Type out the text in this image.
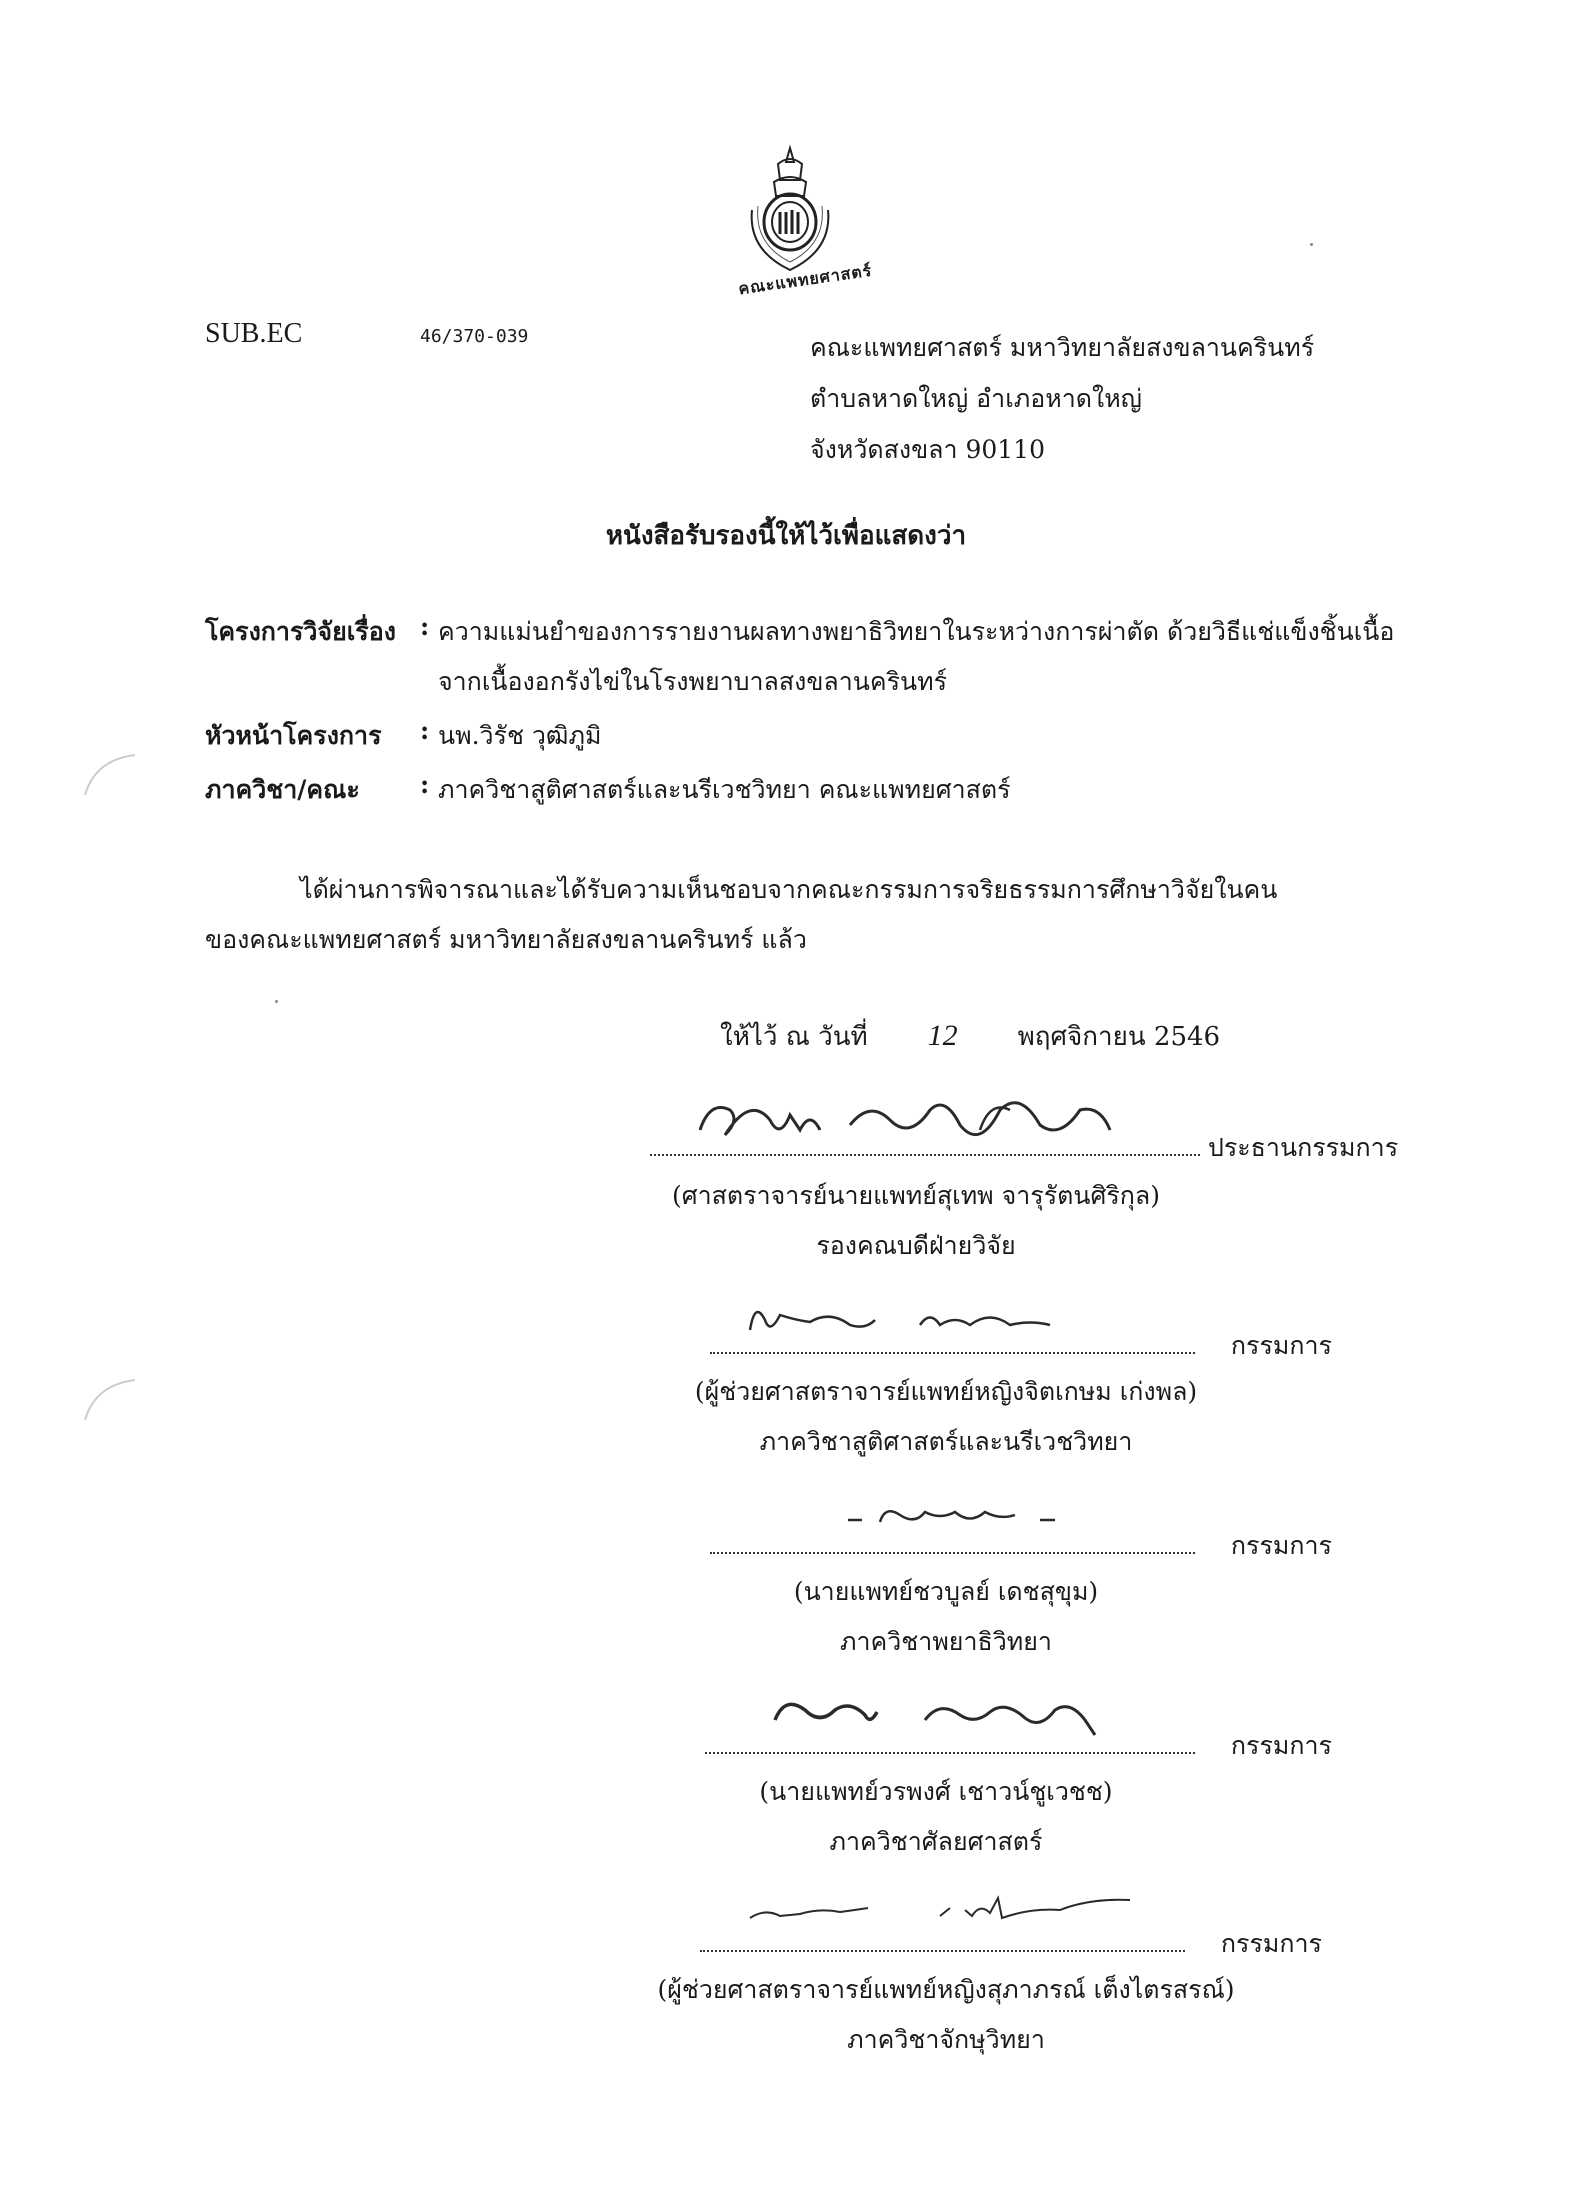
คณะแพทยศาสตร์
SUB.EC	46/370-039	คณะแพทยศาสตร์ มหาวิทยาลัยสงขลานครินทร์
ตำบลหาดใหญ่ อำเภอหาดใหญ่
จังหวัดสงขลา 90110
หนังสือรับรองนี้ให้ไว้เพื่อแสดงว่า
โครงการวิจัยเรื่อง : ความแม่นยำของการรายงานผลทางพยาธิวิทยาในระหว่างการผ่าตัด ด้วยวิธีแช่แข็งชิ้นเนื้อ
จากเนื้องอกรังไข่ในโรงพยาบาลสงขลานครินทร์
หัวหน้าโครงการ : นพ.วิรัช วุฒิภูมิ
ภาควิชา/คณะ : ภาควิชาสูติศาสตร์และนรีเวชวิทยา คณะแพทยศาสตร์
ได้ผ่านการพิจารณาและได้รับความเห็นชอบจากคณะกรรมการจริยธรรมการศึกษาวิจัยในคน
ของคณะแพทยศาสตร์ มหาวิทยาลัยสงขลานครินทร์ แล้ว
ให้ไว้ ณ วันที่ 12 พฤศจิกายน 2546
ประธานกรรมการ
(ศาสตราจารย์นายแพทย์สุเทพ จารุรัตนศิริกุล)
รองคณบดีฝ่ายวิจัย
กรรมการ
(ผู้ช่วยศาสตราจารย์แพทย์หญิงจิตเกษม เก่งพล)
ภาควิชาสูติศาสตร์และนรีเวชวิทยา
กรรมการ
(นายแพทย์ชวบูลย์ เดชสุขุม)
ภาควิชาพยาธิวิทยา
กรรมการ
(นายแพทย์วรพงศ์ เชาวน์ชูเวชช)
ภาควิชาศัลยศาสตร์
กรรมการ
(ผู้ช่วยศาสตราจารย์แพทย์หญิงสุภาภรณ์ เต็งไตรสรณ์)
ภาควิชาจักษุวิทยา
